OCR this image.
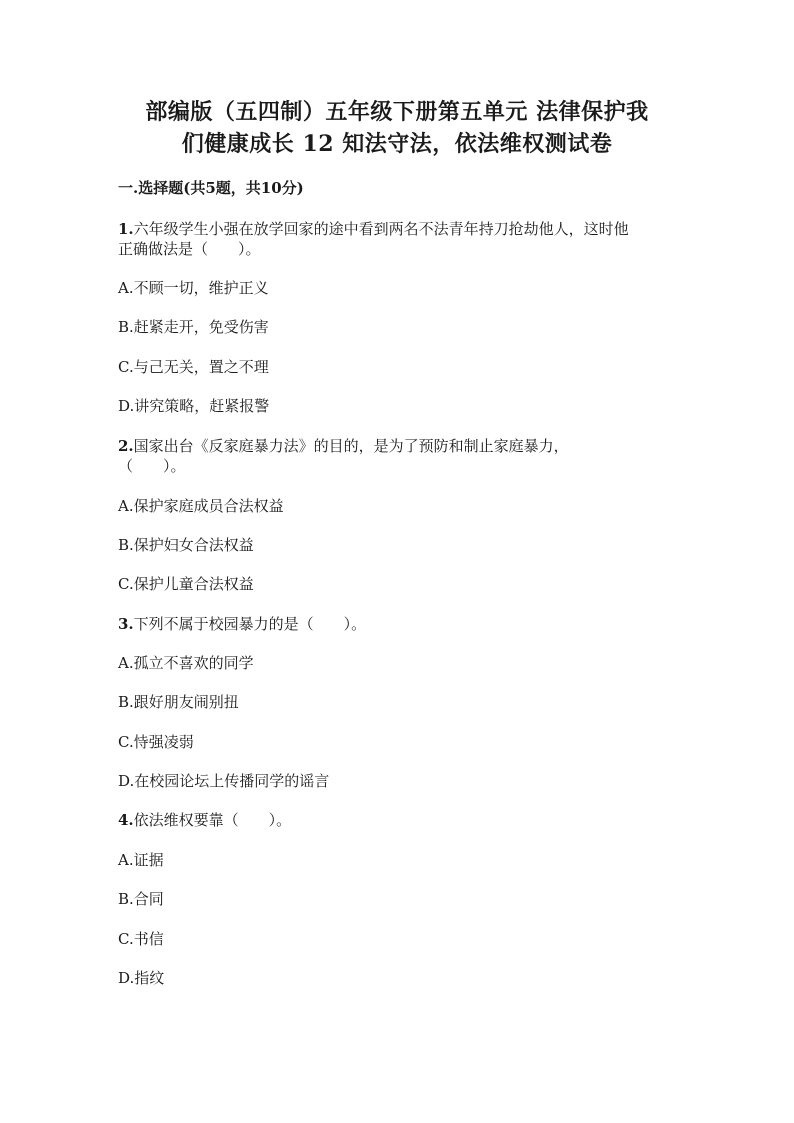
部编版（五四制）五年级下册第五单元 法律保护我
们健康成长 12 知法守法，依法维权测试卷
一.选择题(共5题，共10分)
1.六年级学生小强在放学回家的途中看到两名不法青年持刀抢劫他人，这时他
正确做法是（　　）。
A.不顾一切，维护正义
B.赶紧走开，免受伤害
C.与己无关，置之不理
D.讲究策略，赶紧报警
2.国家出台《反家庭暴力法》的目的，是为了预防和制止家庭暴力，
（　　）。
A.保护家庭成员合法权益
B.保护妇女合法权益
C.保护儿童合法权益
3.下列不属于校园暴力的是（　　）。
A.孤立不喜欢的同学
B.跟好朋友闹别扭
C.恃强凌弱
D.在校园论坛上传播同学的谣言
4.依法维权要靠（　　）。
A.证据
B.合同
C.书信
D.指纹
